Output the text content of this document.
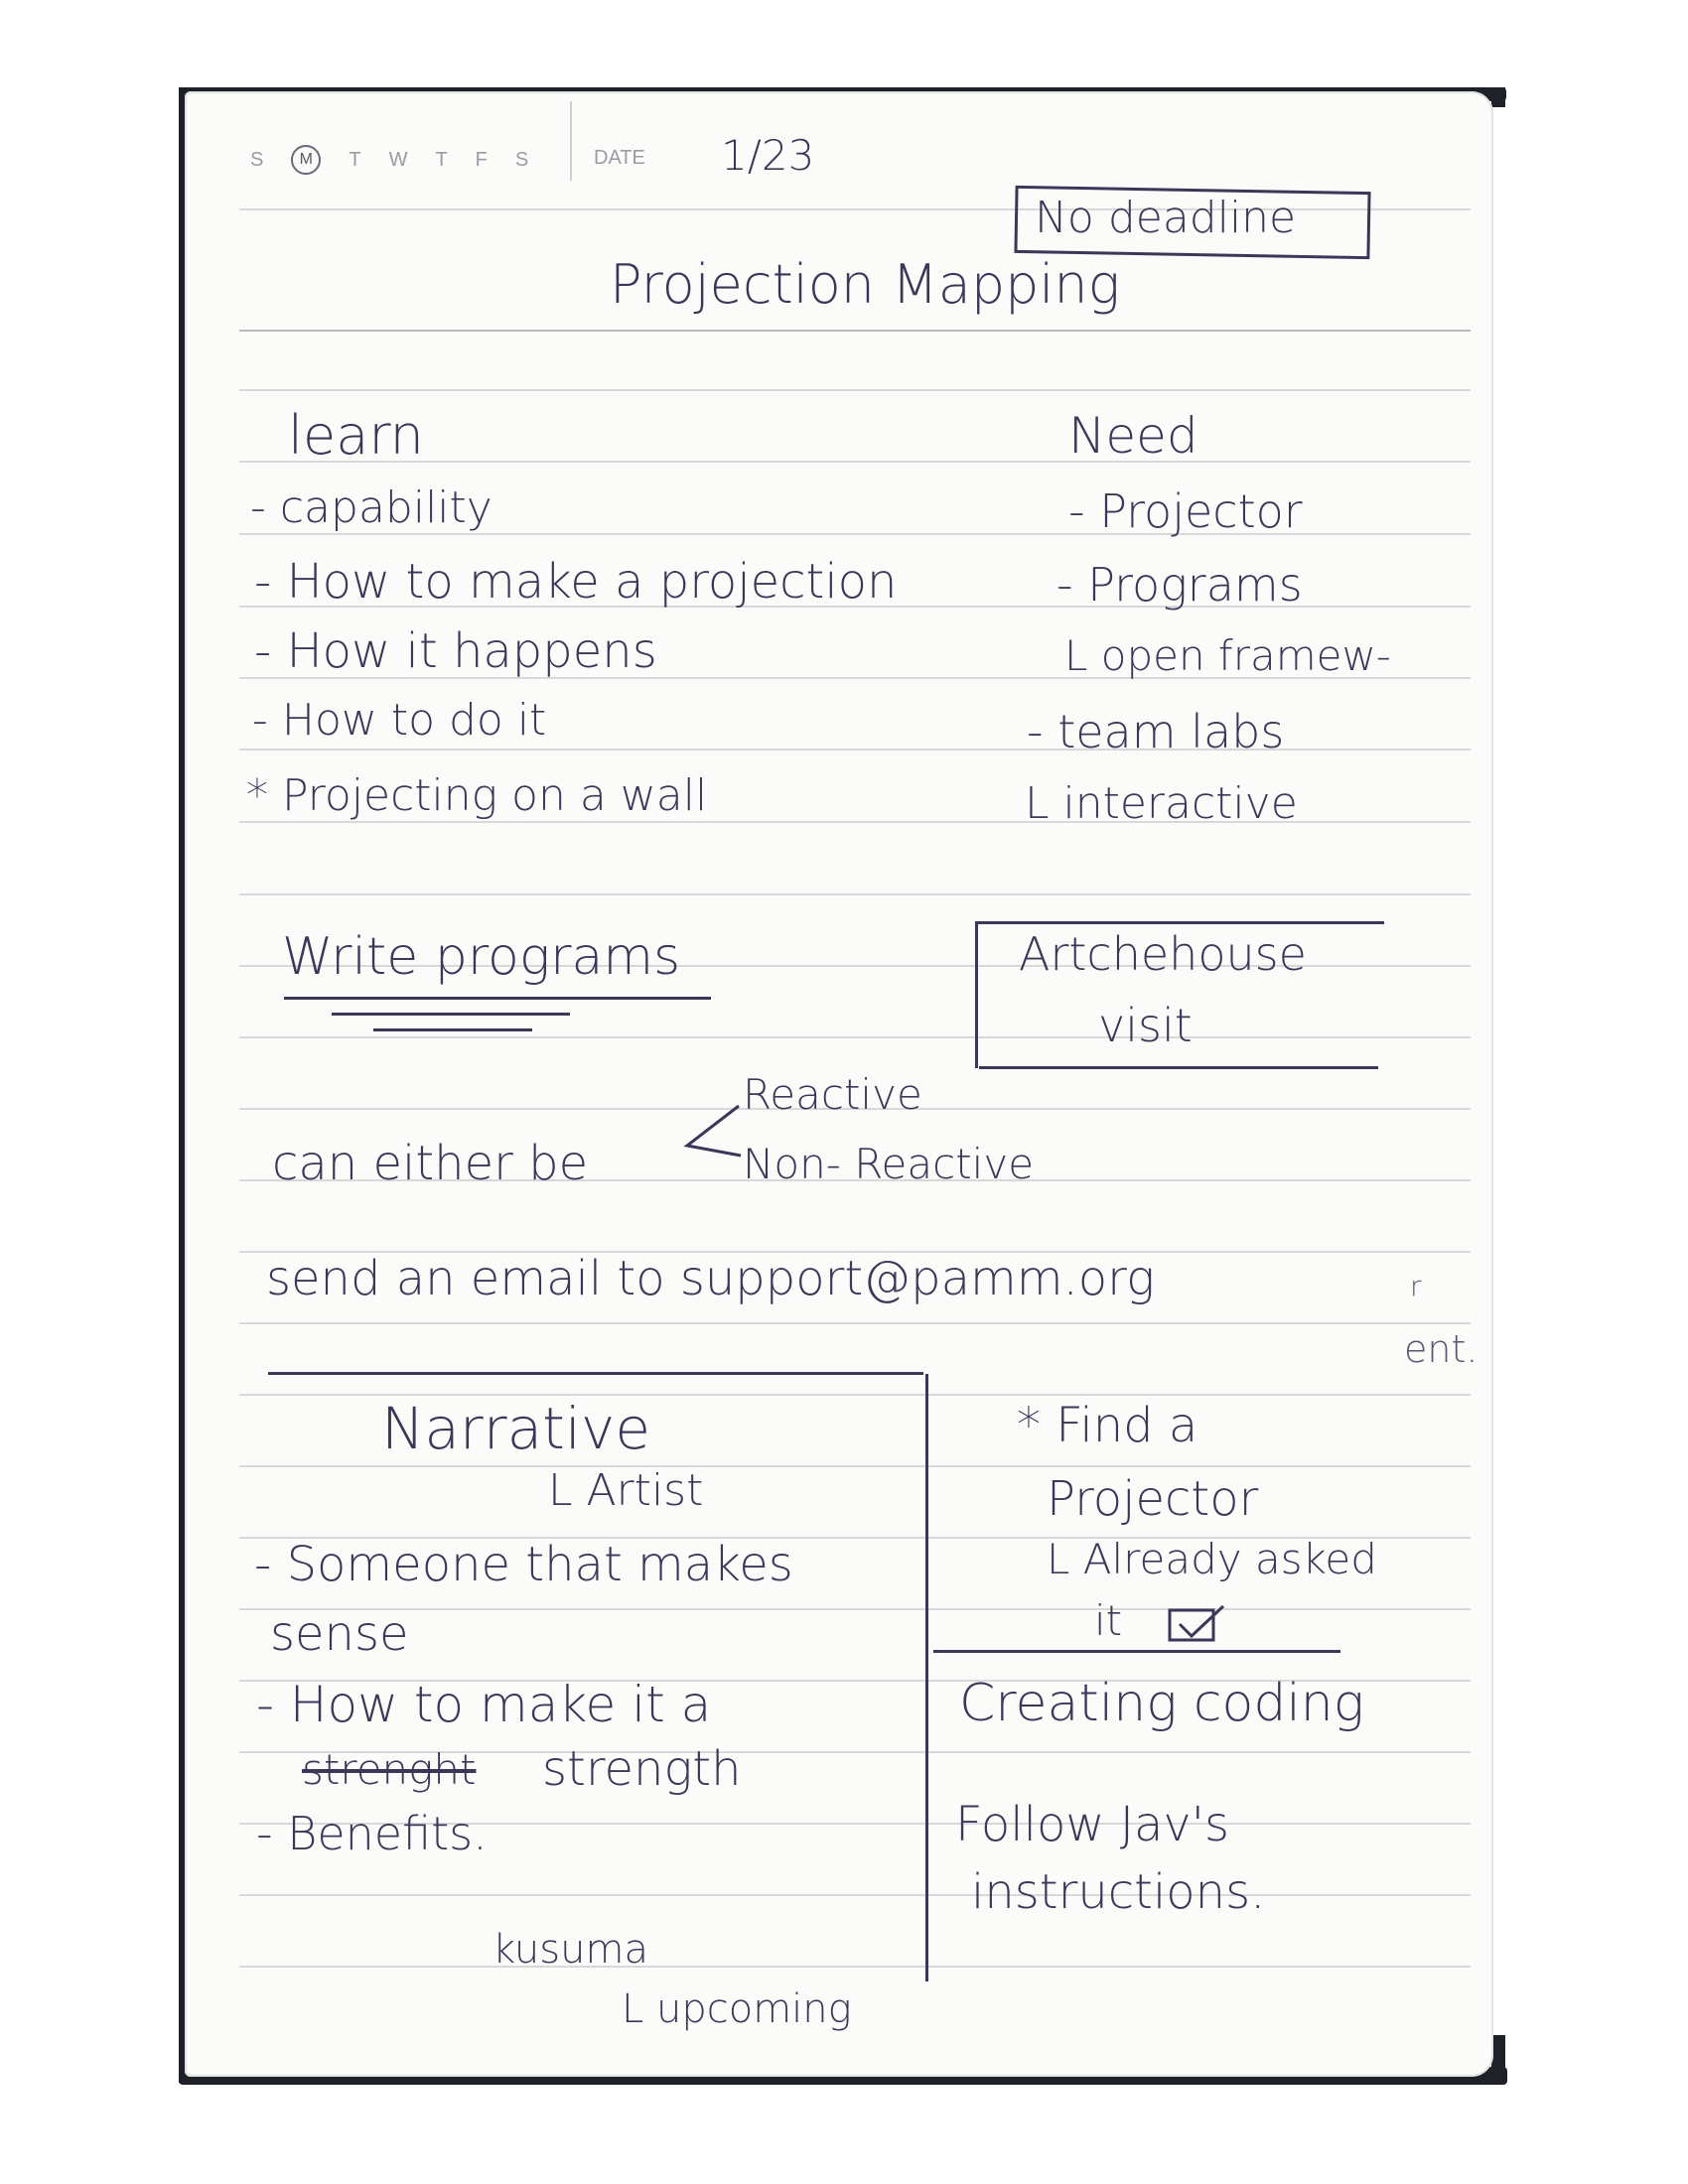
S	M	T W T F S	DATE 1/23
No deadline
Projection Mapping
learn
- capability
- How to make a projection
- How it happens
- How to do it
* Projecting on a wall
Need
- Projector
- Programs
L open framew-
- team labs
L interactive
Write programs	Artchehouse
visit
Reactive
can either be	Non- Reactive
send an email to support@pamm.org
Narrative
L Artist
- Someone that makes
sense
- How to make it a
strenght strength
- Benefits.
kusuma
L upcoming
* Find a
Projector
L Already asked
it
Creating coding
Follow Jav's
instructions.
r
ent.
